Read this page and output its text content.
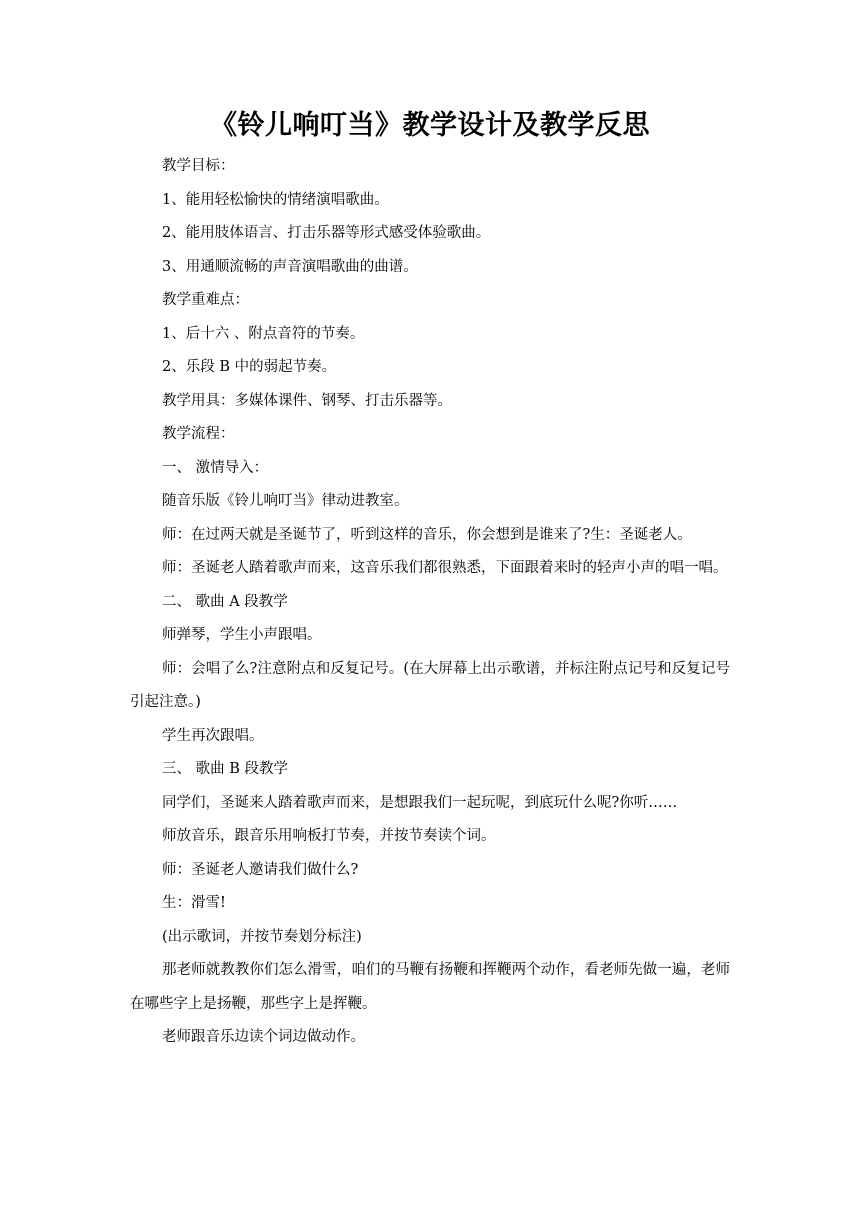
《铃儿响叮当》教学设计及教学反思

教学目标：

1、能用轻松愉快的情绪演唱歌曲。

2、能用肢体语言、打击乐器等形式感受体验歌曲。

3、用通顺流畅的声音演唱歌曲的曲谱。

教学重难点：

1、后十六 、附点音符的节奏。

2、乐段 B 中的弱起节奏。

教学用具：多媒体课件、钢琴、打击乐器等。

教学流程：

一、 激情导入：

随音乐版《铃儿响叮当》律动进教室。

师：在过两天就是圣诞节了，听到这样的音乐，你会想到是谁来了?生：圣诞老人。

师：圣诞老人踏着歌声而来，这音乐我们都很熟悉，下面跟着来时的轻声小声的唱一唱。

二、 歌曲 A 段教学

师弹琴，学生小声跟唱。

师：会唱了么?注意附点和反复记号。(在大屏幕上出示歌谱，并标注附点记号和反复记号引起注意。)

学生再次跟唱。

三、 歌曲 B 段教学

同学们，圣诞来人踏着歌声而来，是想跟我们一起玩呢，到底玩什么呢?你听……

师放音乐，跟音乐用响板打节奏，并按节奏读个词。

师：圣诞老人邀请我们做什么?

生：滑雪!

(出示歌词，并按节奏划分标注)

那老师就教教你们怎么滑雪，咱们的马鞭有扬鞭和挥鞭两个动作，看老师先做一遍，老师在哪些字上是扬鞭，那些字上是挥鞭。

老师跟音乐边读个词边做动作。
